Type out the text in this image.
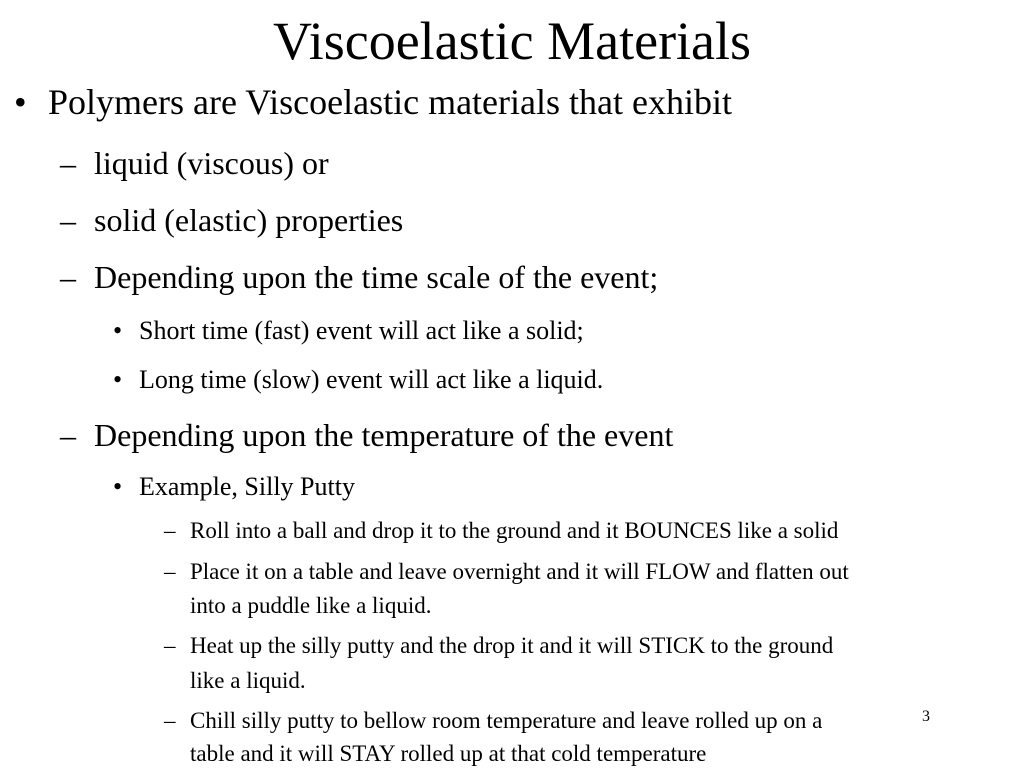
Viscoelastic Materials
• Polymers are Viscoelastic materials that exhibit
– liquid (viscous) or
– solid (elastic) properties
– Depending upon the time scale of the event;
• Short time (fast) event will act like a solid;
• Long time (slow) event will act like a liquid.
– Depending upon the temperature of the event
• Example, Silly Putty
– Roll into a ball and drop it to the ground and it BOUNCES like a solid
– Place it on a table and leave overnight and it will FLOW and flatten out
into a puddle like a liquid.
– Heat up the silly putty and the drop it and it will STICK to the ground
like a liquid.
– Chill silly putty to bellow room temperature and leave rolled up on a
table and it will STAY rolled up at that cold temperature
3
